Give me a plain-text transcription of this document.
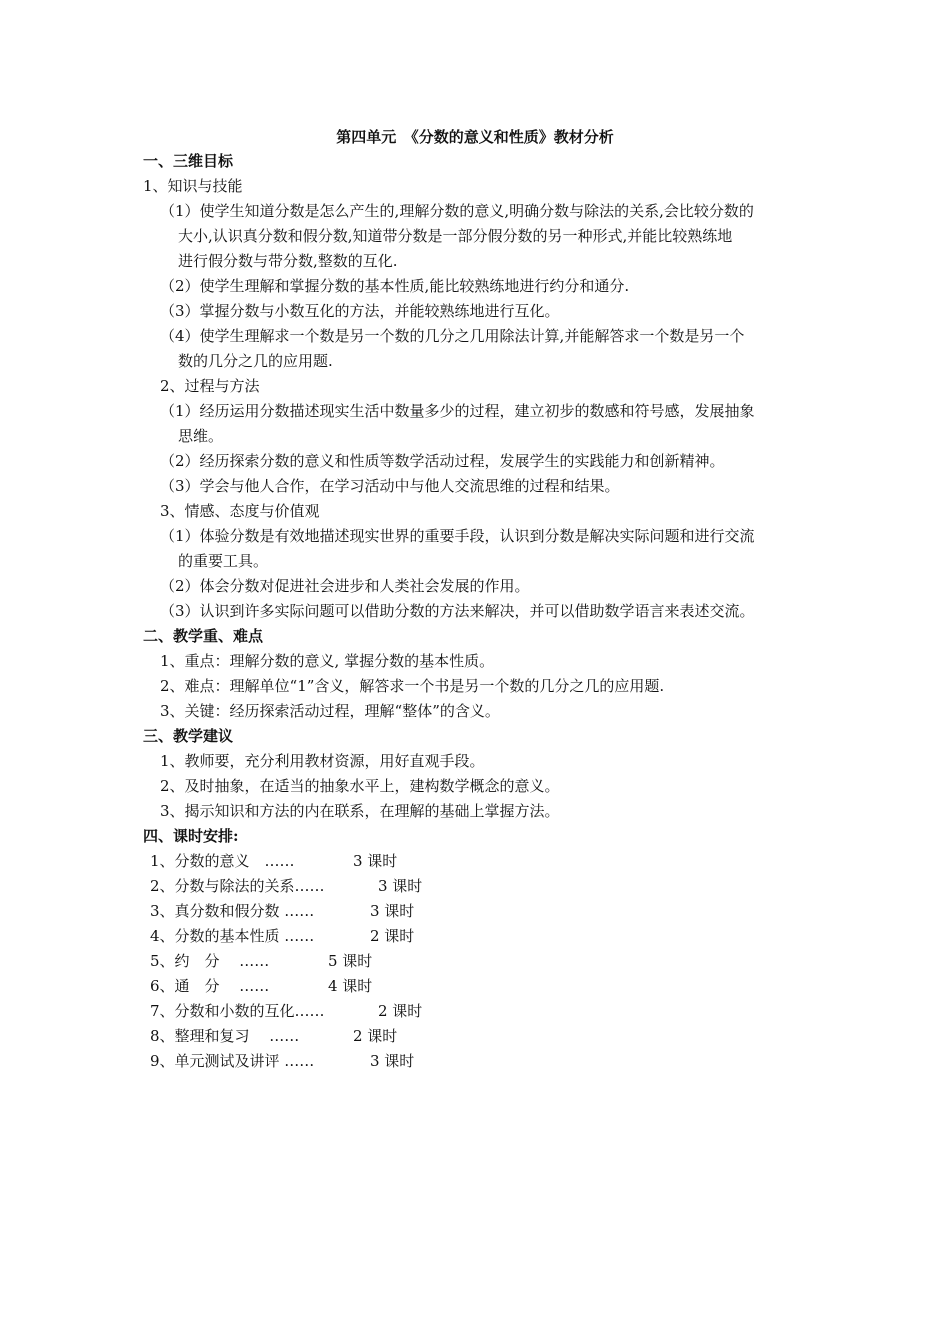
第四单元　《分数的意义和性质》教材分析
一、三维目标
1、知识与技能
（1）使学生知道分数是怎么产生的,理解分数的意义,明确分数与除法的关系,会比较分数的
大小,认识真分数和假分数,知道带分数是一部分假分数的另一种形式,并能比较熟练地
进行假分数与带分数,整数的互化.
（2）使学生理解和掌握分数的基本性质,能比较熟练地进行约分和通分.
（3）掌握分数与小数互化的方法，并能较熟练地进行互化。
（4）使学生理解求一个数是另一个数的几分之几用除法计算,并能解答求一个数是另一个
数的几分之几的应用题.
2、过程与方法
（1）经历运用分数描述现实生活中数量多少的过程，建立初步的数感和符号感，发展抽象
思维。
（2）经历探索分数的意义和性质等数学活动过程，发展学生的实践能力和创新精神。
（3）学会与他人合作，在学习活动中与他人交流思维的过程和结果。
3、情感、态度与价值观
（1）体验分数是有效地描述现实世界的重要手段，认识到分数是解决实际问题和进行交流
的重要工具。
（2）体会分数对促进社会进步和人类社会发展的作用。
（3）认识到许多实际问题可以借助分数的方法来解决，并可以借助数学语言来表述交流。
二、教学重、难点
1、重点：理解分数的意义, 掌握分数的基本性质。
2、难点：理解单位“1”含义，解答求一个书是另一个数的几分之几的应用题.
3、关键：经历探索活动过程，理解“整体”的含义。
三、教学建议
1、教师要，充分利用教材资源，用好直观手段。
2、及时抽象，在适当的抽象水平上，建构数学概念的意义。
3、揭示知识和方法的内在联系，在理解的基础上掌握方法。
四、课时安排:
1、分数的意义　……	3 课时
2、分数与除法的关系……	3 课时
3、真分数和假分数 ……	3 课时
4、分数的基本性质 ……	2 课时
5、约　分　 ……	5 课时
6、通　分　 ……	4 课时
7、分数和小数的互化……	2 课时
8、整理和复习　 ……	2 课时
9、单元测试及讲评 ……	3 课时
